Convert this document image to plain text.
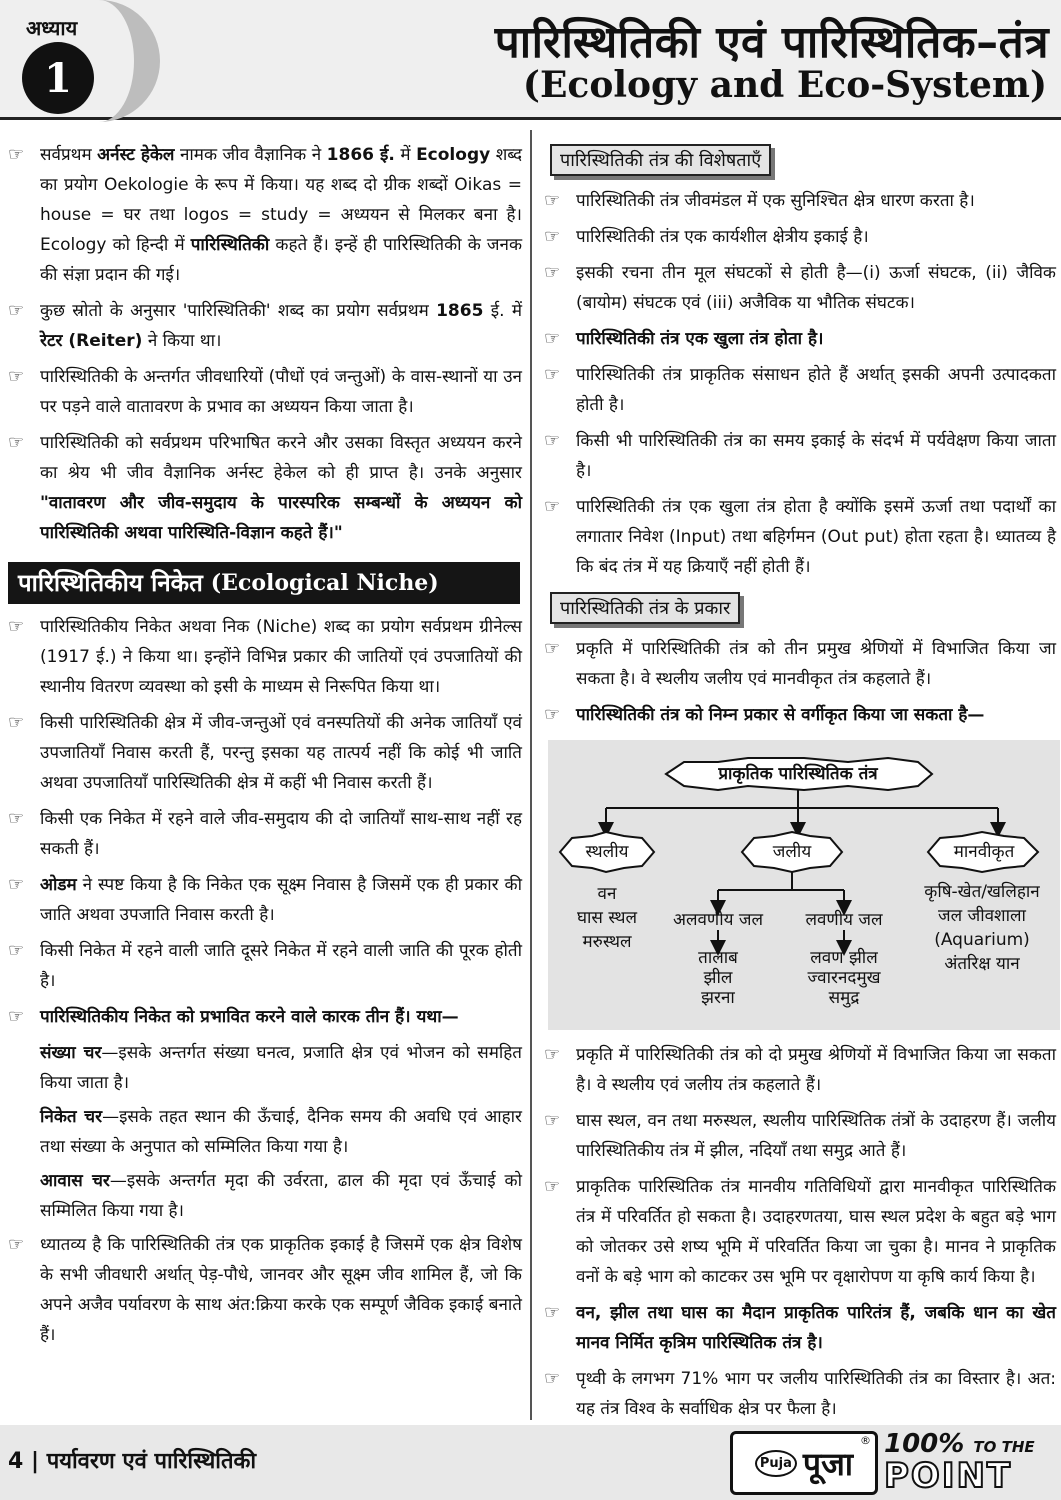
अध्याय
1
पारिस्थितिकी एवं पारिस्थितिक–तंत्र
(Ecology and Eco-System)
☞ सर्वप्रथम अर्नस्ट हेकेल नामक जीव वैज्ञानिक ने 1866 ई. में Ecology शब्द का प्रयोग Oekologie के रूप में किया। यह शब्द दो ग्रीक शब्दों Oikas = house = घर तथा logos = study = अध्ययन से मिलकर बना है। Ecology को हिन्दी में पारिस्थितिकी कहते हैं। इन्हें ही पारिस्थितिकी के जनक की संज्ञा प्रदान की गई।
☞ कुछ स्रोतो के अनुसार 'पारिस्थितिकी' शब्द का प्रयोग सर्वप्रथम 1865 ई. में रेटर (Reiter) ने किया था।
☞ पारिस्थितिकी के अन्तर्गत जीवधारियों (पौधों एवं जन्तुओं) के वास-स्थानों या उन पर पड़ने वाले वातावरण के प्रभाव का अध्ययन किया जाता है।
☞ पारिस्थितिकी को सर्वप्रथम परिभाषित करने और उसका विस्तृत अध्ययन करने का श्रेय भी जीव वैज्ञानिक अर्नस्ट हेकेल को ही प्राप्त है। उनके अनुसार "वातावरण और जीव-समुदाय के पारस्परिक सम्बन्धों के अध्ययन को पारिस्थितिकी अथवा पारिस्थिति-विज्ञान कहते हैं।"
पारिस्थितिकीय निकेत (Ecological Niche)
☞ पारिस्थितिकीय निकेत अथवा निक (Niche) शब्द का प्रयोग सर्वप्रथम ग्रीनेल्स (1917 ई.) ने किया था। इन्होंने विभिन्न प्रकार की जातियों एवं उपजातियों की स्थानीय वितरण व्यवस्था को इसी के माध्यम से निरूपित किया था।
☞ किसी पारिस्थितिकी क्षेत्र में जीव-जन्तुओं एवं वनस्पतियों की अनेक जातियाँ एवं उपजातियाँ निवास करती हैं, परन्तु इसका यह तात्पर्य नहीं कि कोई भी जाति अथवा उपजातियाँ पारिस्थितिकी क्षेत्र में कहीं भी निवास करती हैं।
☞ किसी एक निकेत में रहने वाले जीव-समुदाय की दो जातियाँ साथ-साथ नहीं रह सकती हैं।
☞ ओडम ने स्पष्ट किया है कि निकेत एक सूक्ष्म निवास है जिसमें एक ही प्रकार की जाति अथवा उपजाति निवास करती है।
☞ किसी निकेत में रहने वाली जाति दूसरे निकेत में रहने वाली जाति की पूरक होती है।
☞ पारिस्थितिकीय निकेत को प्रभावित करने वाले कारक तीन हैं। यथा—
संख्या चर—इसके अन्तर्गत संख्या घनत्व, प्रजाति क्षेत्र एवं भोजन को समहित किया जाता है।
निकेत चर—इसके तहत स्थान की ऊँचाई, दैनिक समय की अवधि एवं आहार तथा संख्या के अनुपात को सम्मिलित किया गया है।
आवास चर—इसके अन्तर्गत मृदा की उर्वरता, ढाल की मृदा एवं ऊँचाई को सम्मिलित किया गया है।
☞ ध्यातव्य है कि पारिस्थितिकी तंत्र एक प्राकृतिक इकाई है जिसमें एक क्षेत्र विशेष के सभी जीवधारी अर्थात् पेड़-पौधे, जानवर और सूक्ष्म जीव शामिल हैं, जो कि अपने अजैव पर्यावरण के साथ अंत:क्रिया करके एक सम्पूर्ण जैविक इकाई बनाते हैं।
पारिस्थितिकी तंत्र की विशेषताएँ
☞ पारिस्थितिकी तंत्र जीवमंडल में एक सुनिश्चित क्षेत्र धारण करता है।
☞ पारिस्थितिकी तंत्र एक कार्यशील क्षेत्रीय इकाई है।
☞ इसकी रचना तीन मूल संघटकों से होती है—(i) ऊर्जा संघटक, (ii) जैविक (बायोम) संघटक एवं (iii) अजैविक या भौतिक संघटक।
☞ पारिस्थितिकी तंत्र एक खुला तंत्र होता है।
☞ पारिस्थितिकी तंत्र प्राकृतिक संसाधन होते हैं अर्थात् इसकी अपनी उत्पादकता होती है।
☞ किसी भी पारिस्थितिकी तंत्र का समय इकाई के संदर्भ में पर्यवेक्षण किया जाता है।
☞ पारिस्थितिकी तंत्र एक खुला तंत्र होता है क्योंकि इसमें ऊर्जा तथा पदार्थों का लगातार निवेश (Input) तथा बहिर्गमन (Out put) होता रहता है। ध्यातव्य है कि बंद तंत्र में यह क्रियाएँ नहीं होती हैं।
पारिस्थितिकी तंत्र के प्रकार
☞ प्रकृति में पारिस्थितिकी तंत्र को तीन प्रमुख श्रेणियों में विभाजित किया जा सकता है। वे स्थलीय जलीय एवं मानवीकृत तंत्र कहलाते हैं।
☞ पारिस्थितिकी तंत्र को निम्न प्रकार से वर्गीकृत किया जा सकता है—
प्राकृतिक पारिस्थितिक तंत्र
स्थलीय	जलीय	मानवीकृत
वन
घास स्थल
मरुस्थल
अलवणीय जल	लवणीय जल
तालाब
झील
झरना
लवण झील
ज्वारनदमुख
समुद्र
कृषि-खेत/खलिहान
जल जीवशाला
(Aquarium)
अंतरिक्ष यान
☞ प्रकृति में पारिस्थितिकी तंत्र को दो प्रमुख श्रेणियों में विभाजित किया जा सकता है। वे स्थलीय एवं जलीय तंत्र कहलाते हैं।
☞ घास स्थल, वन तथा मरुस्थल, स्थलीय पारिस्थितिक तंत्रों के उदाहरण हैं। जलीय पारिस्थितिकीय तंत्र में झील, नदियाँ तथा समुद्र आते हैं।
☞ प्राकृतिक पारिस्थितिक तंत्र मानवीय गतिविधियों द्वारा मानवीकृत पारिस्थितिक तंत्र में परिवर्तित हो सकता है। उदाहरणतया, घास स्थल प्रदेश के बहुत बड़े भाग को जोतकर उसे शष्य भूमि में परिवर्तित किया जा चुका है। मानव ने प्राकृतिक वनों के बड़े भाग को काटकर उस भूमि पर वृक्षारोपण या कृषि कार्य किया है।
☞ वन, झील तथा घास का मैदान प्राकृतिक पारितंत्र हैं, जबकि धान का खेत मानव निर्मित कृत्रिम पारिस्थितिक तंत्र है।
☞ पृथ्वी के लगभग 71% भाग पर जलीय पारिस्थितिकी तंत्र का विस्तार है। अत: यह तंत्र विश्व के सर्वाधिक क्षेत्र पर फैला है।
4 | पर्यावरण एवं पारिस्थितिकी	Puja पूजा
® 100% TO THE
POINT
